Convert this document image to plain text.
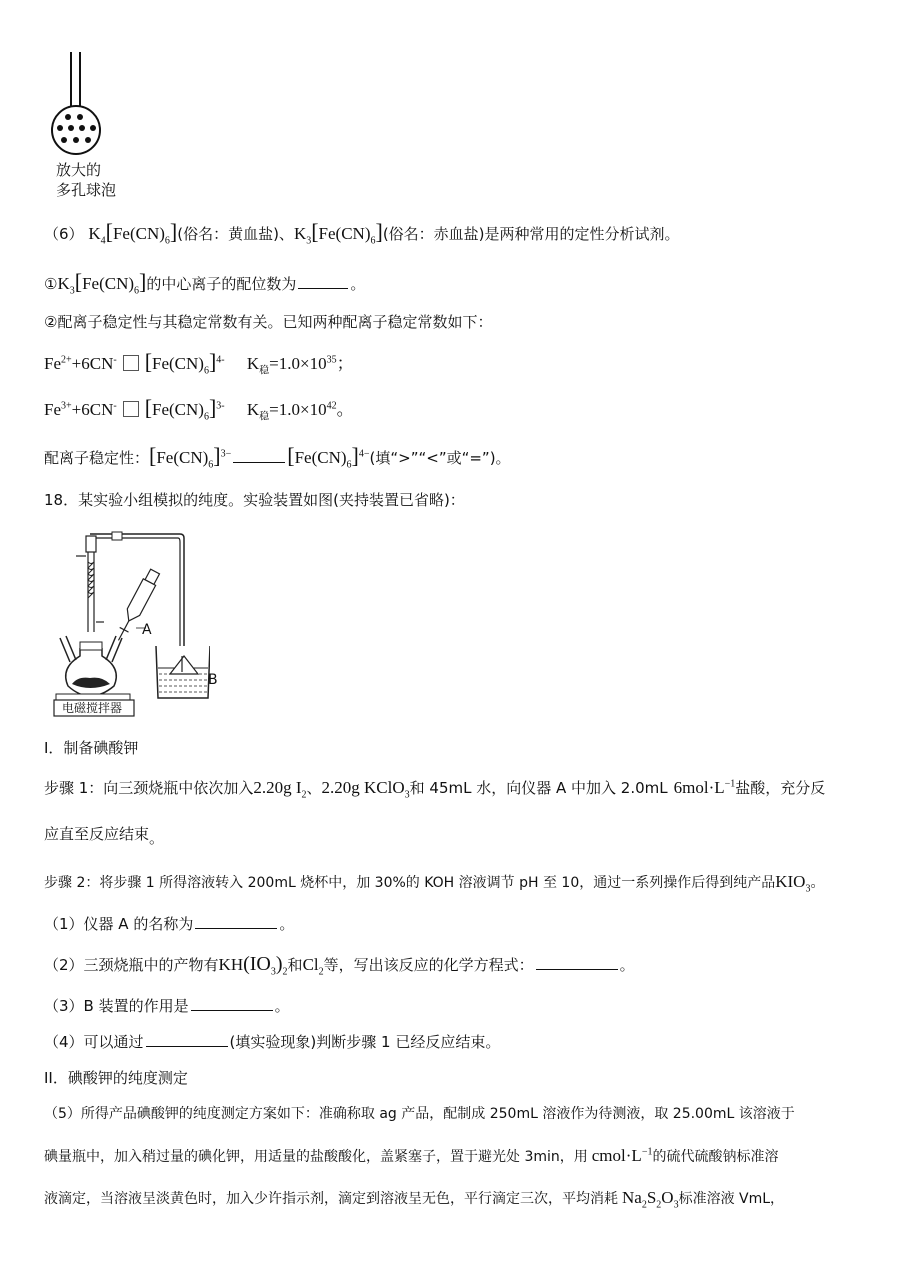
放大的
多孔球泡
（6） $K_4[Fe(CN)_6]$(俗名：黄血盐)、$K_3[Fe(CN)_6]$(俗名：赤血盐)是两种常用的定性分析试剂。
$①K_3[Fe(CN)_6]$的中心离子的配位数为	。
②配离子稳定性与其稳定常数有关。已知两种配离子稳定常数如下：
$Fe^{2+}+6CN^-$ $[Fe(CN)_6]^{4-}$ $K_稳=1.0\times 10^{35}$；
$Fe^{3+}+6CN^-$ $[Fe(CN)_6]^{3-}$ $K_稳=1.0\times 10^{42}$。
配离子稳定性：$[Fe(CN)_6]^{3-}$	$[Fe(CN)_6]^{4-}$(填“>”“<”或“=”)。
18．某实验小组模拟的纯度。实验装置如图(夹持装置已省略)：
A
B
电磁搅拌器
I．制备碘酸钾
步骤 1：向三颈烧瓶中依次加入2.20g $I_2$、2.20g KClO$_3$和 45mL 水，向仪器 A 中加入 2.0mL $6mol\cdot L^{-1}$盐酸，充分反
应直至反应结束。
步骤 2：将步骤 1 所得溶液转入 200mL 烧杯中，加 30%的 KOH 溶液调节 pH 至 10，通过一系列操作后得到纯产品$KIO_3$。
（1）仪器 A 的名称为	。
（2）三颈烧瓶中的产物有$KH(IO_3)_2$和$Cl_2$等，写出该反应的化学方程式：	。
（3）B 装置的作用是	。
（4）可以通过	(填实验现象)判断步骤 1 已经反应结束。
II．碘酸钾的纯度测定
（5）所得产品碘酸钾的纯度测定方案如下：准确称取 ag 产品，配制成 250mL 溶液作为待测液，取 25.00mL 该溶液于
碘量瓶中，加入稍过量的碘化钾，用适量的盐酸酸化，盖紧塞子，置于避光处 3min，用 $cmol\cdot L^{-1}$的硫代硫酸钠标准溶
液滴定，当溶液呈淡黄色时，加入少许指示剂，滴定到溶液呈无色，平行滴定三次，平均消耗 $Na_2S_2O_3$标准溶液 VmL，
